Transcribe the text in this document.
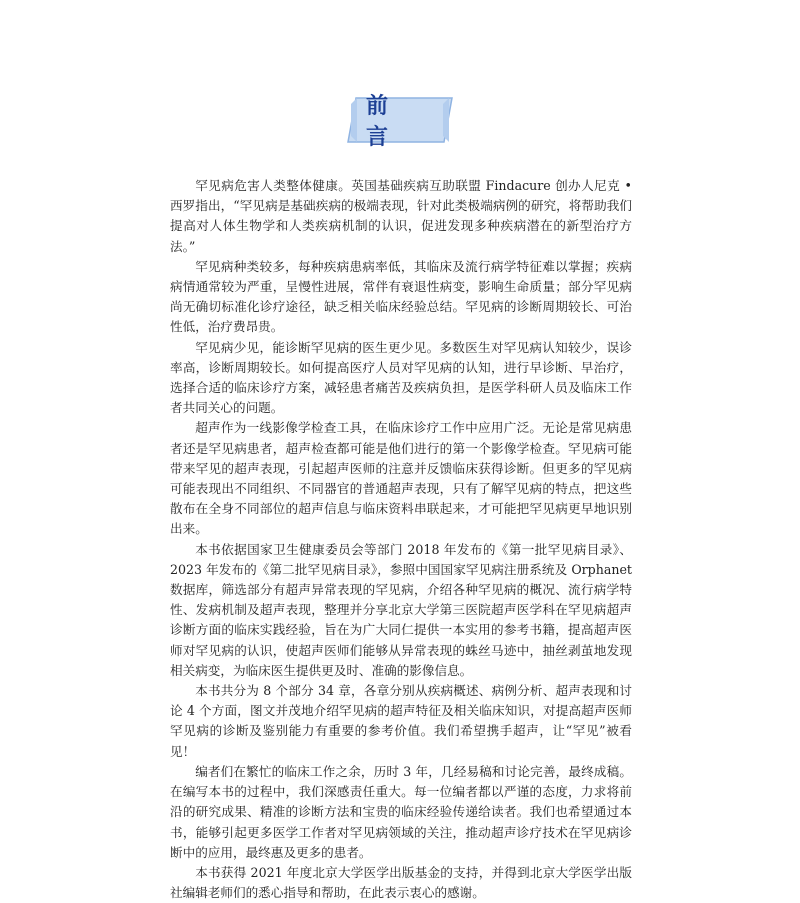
前 言

罕见病危害人类整体健康。英国基础疾病互助联盟 Findacure 创办人尼克 • 西罗指出，“罕见病是基础疾病的极端表现，针对此类极端病例的研究，将帮助我们提高对人体生物学和人类疾病机制的认识，促进发现多种疾病潜在的新型治疗方法。”

罕见病种类较多，每种疾病患病率低，其临床及流行病学特征难以掌握；疾病病情通常较为严重，呈慢性进展，常伴有衰退性病变，影响生命质量；部分罕见病尚无确切标准化诊疗途径，缺乏相关临床经验总结。罕见病的诊断周期较长、可治性低，治疗费昂贵。

罕见病少见，能诊断罕见病的医生更少见。多数医生对罕见病认知较少，误诊率高，诊断周期较长。如何提高医疗人员对罕见病的认知，进行早诊断、早治疗，选择合适的临床诊疗方案，减轻患者痛苦及疾病负担，是医学科研人员及临床工作者共同关心的问题。

超声作为一线影像学检查工具，在临床诊疗工作中应用广泛。无论是常见病患者还是罕见病患者，超声检查都可能是他们进行的第一个影像学检查。罕见病可能带来罕见的超声表现，引起超声医师的注意并反馈临床获得诊断。但更多的罕见病可能表现出不同组织、不同器官的普通超声表现，只有了解罕见病的特点，把这些散布在全身不同部位的超声信息与临床资料串联起来，才可能把罕见病更早地识别出来。

本书依据国家卫生健康委员会等部门 2018 年发布的《第一批罕见病目录》、2023 年发布的《第二批罕见病目录》，参照中国国家罕见病注册系统及 Orphanet 数据库，筛选部分有超声异常表现的罕见病，介绍各种罕见病的概况、流行病学特性、发病机制及超声表现，整理并分享北京大学第三医院超声医学科在罕见病超声诊断方面的临床实践经验，旨在为广大同仁提供一本实用的参考书籍，提高超声医师对罕见病的认识，使超声医师们能够从异常表现的蛛丝马迹中，抽丝剥茧地发现相关病变，为临床医生提供更及时、准确的影像信息。

本书共分为 8 个部分 34 章，各章分别从疾病概述、病例分析、超声表现和讨论 4 个方面，图文并茂地介绍罕见病的超声特征及相关临床知识，对提高超声医师罕见病的诊断及鉴别能力有重要的参考价值。我们希望携手超声，让“罕见”被看见！

编者们在繁忙的临床工作之余，历时 3 年，几经易稿和讨论完善，最终成稿。在编写本书的过程中，我们深感责任重大。每一位编者都以严谨的态度，力求将前沿的研究成果、精准的诊断方法和宝贵的临床经验传递给读者。我们也希望通过本书，能够引起更多医学工作者对罕见病领域的关注，推动超声诊疗技术在罕见病诊断中的应用，最终惠及更多的患者。

本书获得 2021 年度北京大学医学出版基金的支持，并得到北京大学医学出版社编辑老师们的悉心指导和帮助，在此表示衷心的感谢。
